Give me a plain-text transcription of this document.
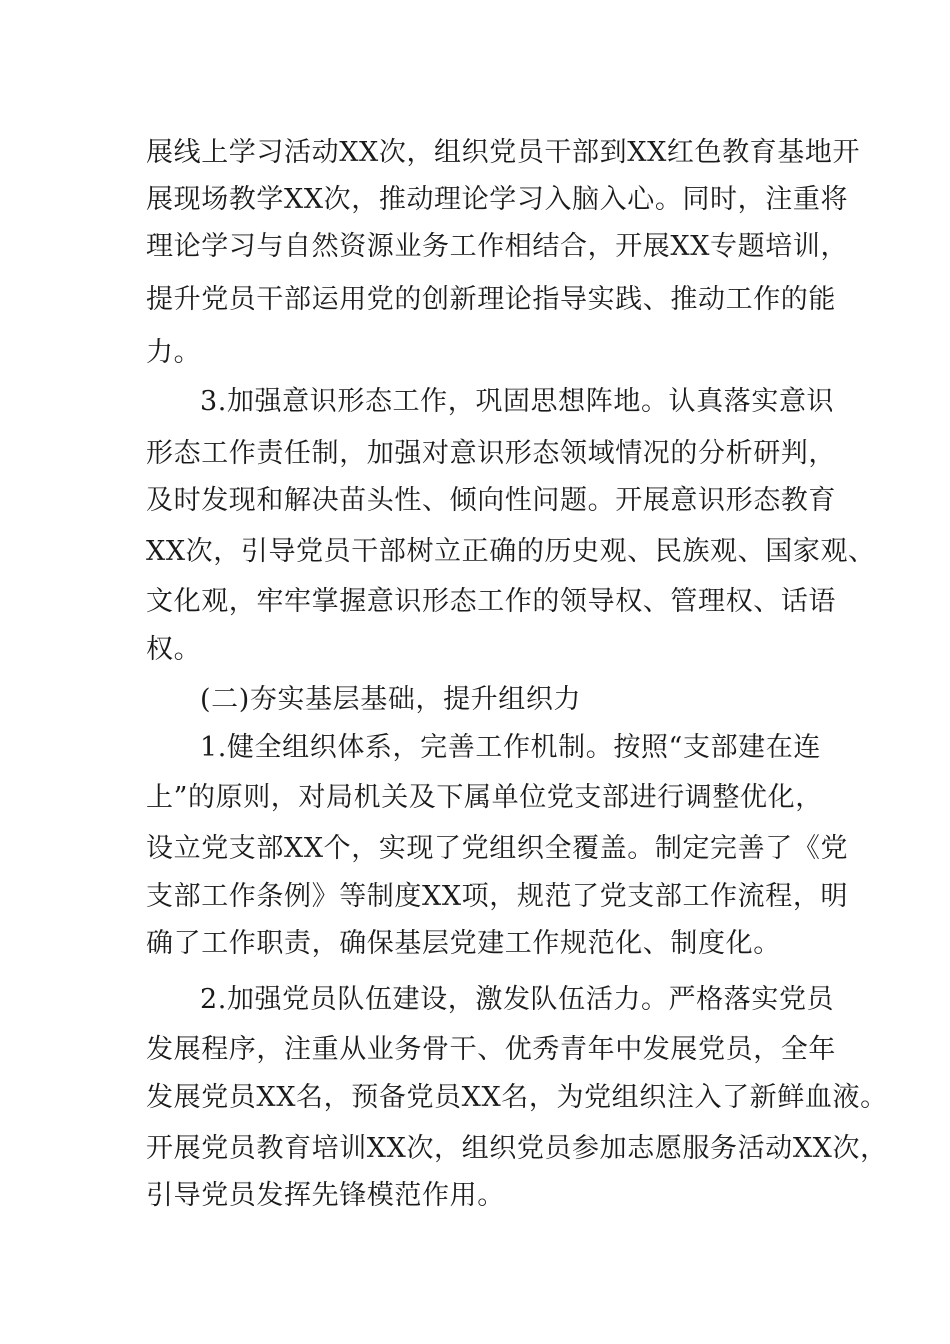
展线上学习活动XX次，组织党员干部到XX红色教育基地开
展现场教学XX次，推动理论学习入脑入心。同时，注重将
理论学习与自然资源业务工作相结合，开展XX专题培训，
提升党员干部运用党的创新理论指导实践、推动工作的能
力。
3.加强意识形态工作，巩固思想阵地。认真落实意识
形态工作责任制，加强对意识形态领域情况的分析研判，
及时发现和解决苗头性、倾向性问题。开展意识形态教育
XX次，引导党员干部树立正确的历史观、民族观、国家观、
文化观，牢牢掌握意识形态工作的领导权、管理权、话语
权。
(二)夯实基层基础，提升组织力
1.健全组织体系，完善工作机制。按照“支部建在连
上”的原则，对局机关及下属单位党支部进行调整优化，
设立党支部XX个，实现了党组织全覆盖。制定完善了《党
支部工作条例》等制度XX项，规范了党支部工作流程，明
确了工作职责，确保基层党建工作规范化、制度化。
2.加强党员队伍建设，激发队伍活力。严格落实党员
发展程序，注重从业务骨干、优秀青年中发展党员，全年
发展党员XX名，预备党员XX名，为党组织注入了新鲜血液。
开展党员教育培训XX次，组织党员参加志愿服务活动XX次，
引导党员发挥先锋模范作用。
